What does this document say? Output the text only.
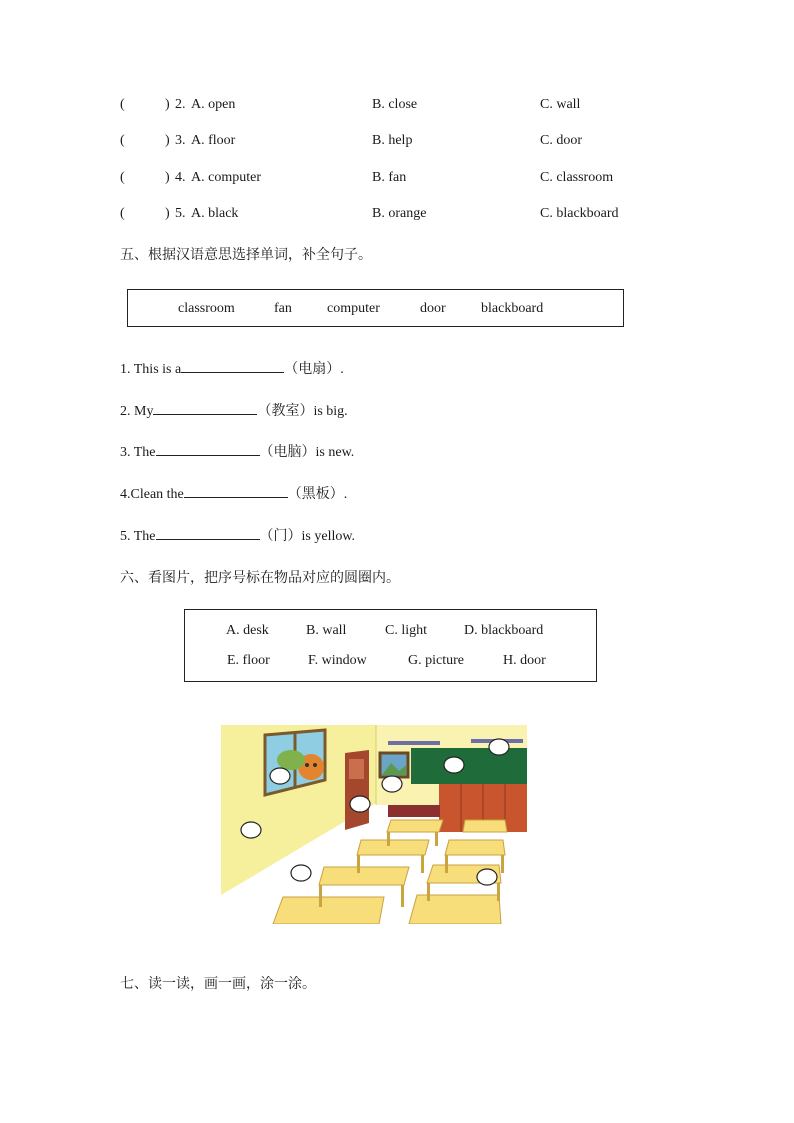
(	) 2. A. open	B. close	C. wall
(	) 3. A. floor	B. help	C. door
(	) 4. A. computer	B. fan	C. classroom
(	) 5. A. black	B. orange	C. blackboard
五、根据汉语意思选择单词，补全句子。
classroom	fan	computer	door	blackboard
1. This is a	（电扇）.
2. My	（教室）is big.
3. The	（电脑）is new.
4.Clean the	（黑板）.
5. The	（门）is yellow.
六、看图片，把序号标在物品对应的圆圈内。
A. desk	B. wall	C. light	D. blackboard
E. floor	F. window	G. picture	H. door
七、读一读，画一画，涂一涂。
